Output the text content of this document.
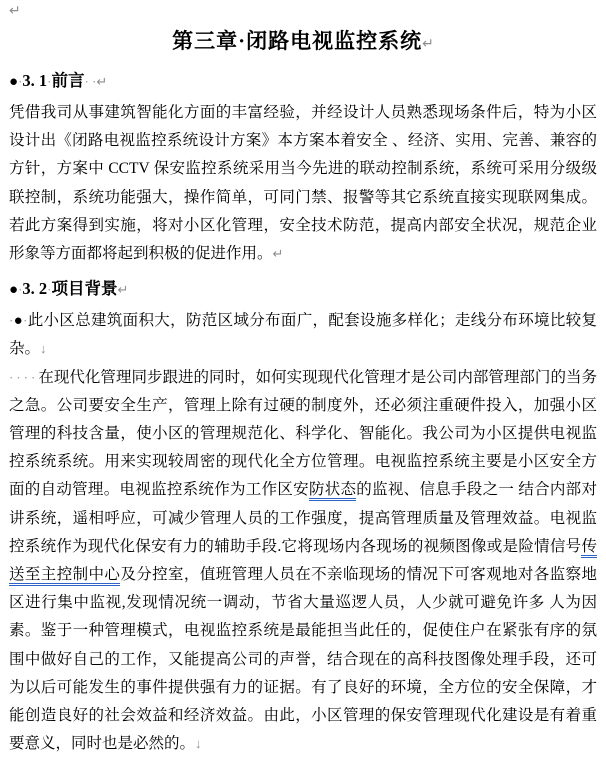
↵
第三章·闭路电视监控系统↵
●·3. 1·前言· ·↵

凭借我司从事建筑智能化方面的丰富经验，并经设计人员熟悉现场条件后，特为小区设计出《闭路电视监控系统设计方案》本方案本着安全 、经济、实用、完善、兼容的方针，方案中 CCTV 保安监控系统采用当今先进的联动控制系统，系统可采用分级级联控制，系统功能强大，操作简单，可同门禁、报警等其它系统直接实现联网集成。若此方案得到实施，将对小区化管理，安全技术防范，提高内部安全状况，规范企业形象等方面都将起到积极的促进作用。↵

●·3. 2·项目背景↵

·●·此小区总建筑面积大，防范区域分布面广，配套设施多样化；走线分布环境比较复杂。↓
····在现代化管理同步跟进的同时，如何实现现代化管理才是公司内部管理部门的当务之急。公司要安全生产，管理上除有过硬的制度外，还必须注重硬件投入，加强小区管理的科技含量，使小区的管理规范化、科学化、智能化。我公司为小区提供电视监控系统系统。用来实现较周密的现代化全方位管理。电视监控系统主要是小区安全方面的自动管理。电视监控系统作为工作区安防状态的监视、信息手段之一 结合内部对讲系统，遥相呼应，可减少管理人员的工作强度，提高管理质量及管理效益。电视监控系统作为现代化保安有力的辅助手段.它将现场内各现场的视频图像或是险情信号传送至主控制中心及分控室，值班管理人员在不亲临现场的情况下可客观地对各监察地区进行集中监视,发现情况统一调动，节省大量巡逻人员，人少就可避免许多 人为因素。鉴于一种管理模式，电视监控系统是最能担当此任的，促使住户在紧张有序的氛围中做好自己的工作，又能提高公司的声誉，结合现在的高科技图像处理手段，还可为以后可能发生的事件提供强有力的证据。有了良好的环境，全方位的安全保障，才能创造良好的社会效益和经济效益。由此，小区管理的保安管理现代化建设是有着重要意义，同时也是必然的。↓
